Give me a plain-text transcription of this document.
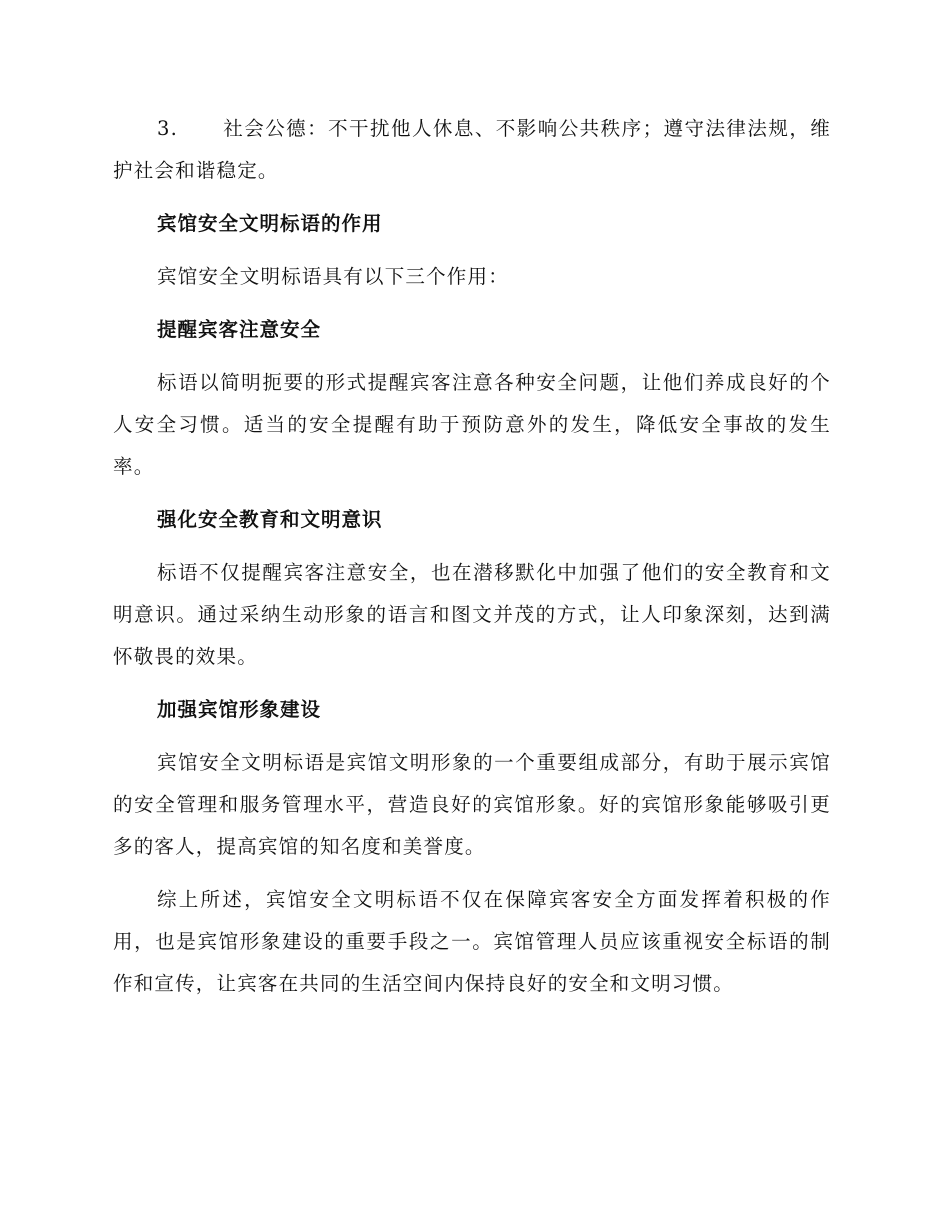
3. 社会公德：不干扰他人休息、不影响公共秩序；遵守法律法规，维护社会和谐稳定。

宾馆安全文明标语的作用

宾馆安全文明标语具有以下三个作用：

提醒宾客注意安全

标语以简明扼要的形式提醒宾客注意各种安全问题，让他们养成良好的个人安全习惯。适当的安全提醒有助于预防意外的发生，降低安全事故的发生率。

强化安全教育和文明意识

标语不仅提醒宾客注意安全，也在潜移默化中加强了他们的安全教育和文明意识。通过采纳生动形象的语言和图文并茂的方式，让人印象深刻，达到满怀敬畏的效果。

加强宾馆形象建设

宾馆安全文明标语是宾馆文明形象的一个重要组成部分，有助于展示宾馆的安全管理和服务管理水平，营造良好的宾馆形象。好的宾馆形象能够吸引更多的客人，提高宾馆的知名度和美誉度。

综上所述，宾馆安全文明标语不仅在保障宾客安全方面发挥着积极的作用，也是宾馆形象建设的重要手段之一。宾馆管理人员应该重视安全标语的制作和宣传，让宾客在共同的生活空间内保持良好的安全和文明习惯。
